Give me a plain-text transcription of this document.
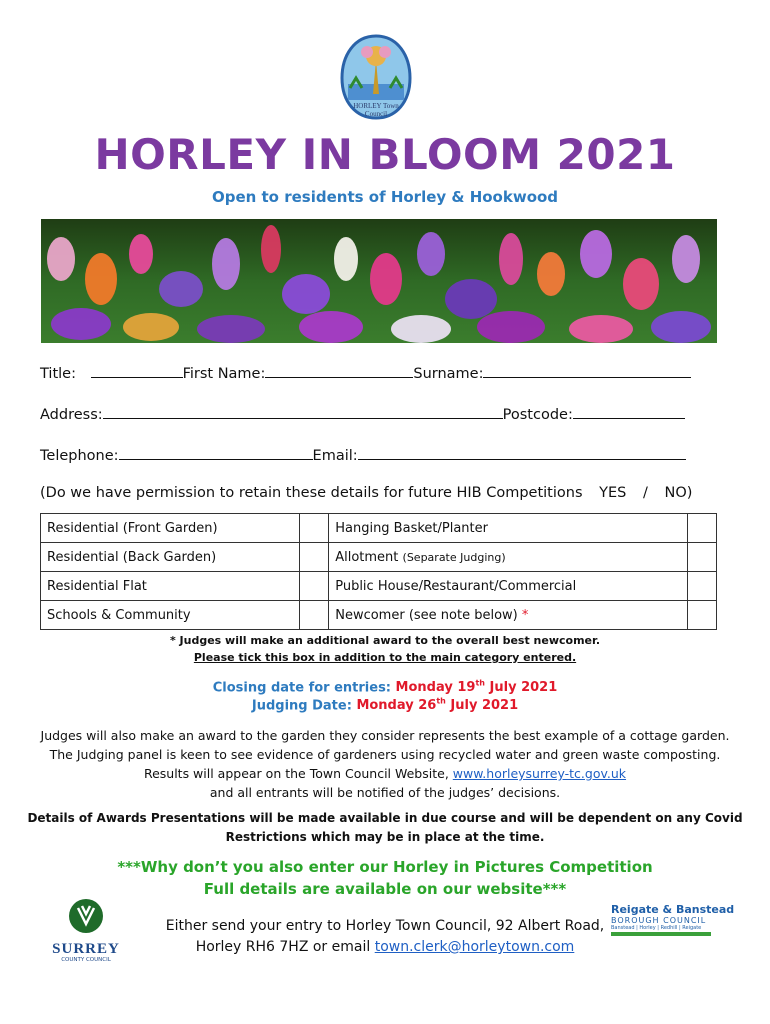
HORLEY Town Council
HORLEY IN BLOOM 2021
Open to residents of Horley & Hookwood
Title:	First Name:	Surname:
Address:	Postcode:
Telephone:	Email:
(Do we have permission to retain these details for future HIB Competitions YES / NO)
Residential (Front Garden)		Hanging Basket/Planter	
Residential (Back Garden)		Allotment (Separate Judging)	
Residential Flat		Public House/Restaurant/Commercial	
Schools & Community		Newcomer (see note below) *	
* Judges will make an additional award to the overall best newcomer.
Please tick this box in addition to the main category entered.
Closing date for entries: Monday 19th July 2021
Judging Date: Monday 26th July 2021
Judges will also make an award to the garden they consider represents the best example of a cottage garden.
The Judging panel is keen to see evidence of gardeners using recycled water and green waste composting.
Results will appear on the Town Council Website, www.horleysurrey-tc.gov.uk
and all entrants will be notified of the judges’ decisions.
Details of Awards Presentations will be made available in due course and will be dependent on any Covid
Restrictions which may be in place at the time.
***Why don’t you also enter our Horley in Pictures Competition
Full details are available on our website***
SURREY
COUNTY COUNCIL
Either send your entry to Horley Town Council, 92 Albert Road,
Horley RH6 7HZ or email town.clerk@horleytown.com
Reigate & Banstead
BOROUGH COUNCIL
Banstead | Horley | Redhill | Reigate
